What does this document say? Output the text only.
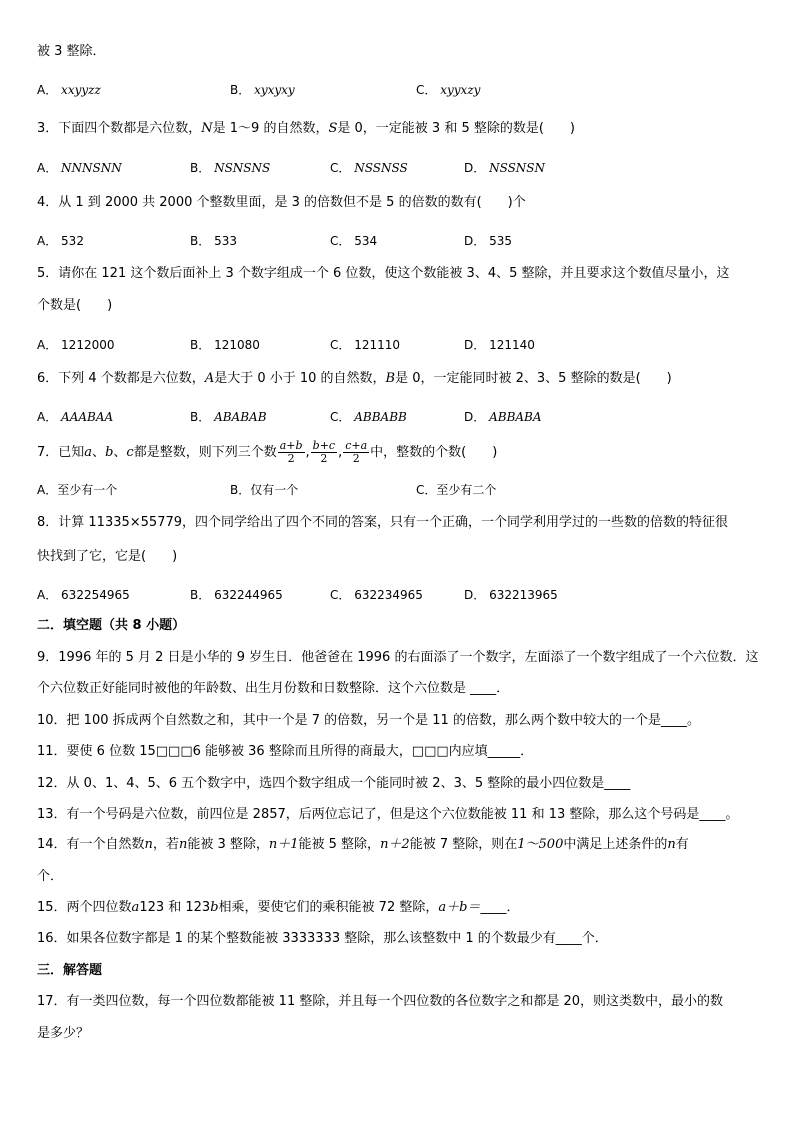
被 3 整除．
A． xxyyzz	B． xyxyxy	C． xyyxzy
3．下面四个数都是六位数，N是 1～9 的自然数，S是 0，一定能被 3 和 5 整除的数是(　　)
A． NNNSNN	B． NSNSNS	C． NSSNSS	D． NSSNSN
4．从 1 到 2000 共 2000 个整数里面，是 3 的倍数但不是 5 的倍数的数有(　　)个
A． 532	B． 533	C． 534	D． 535
5．请你在 121 这个数后面补上 3 个数字组成一个 6 位数，使这个数能被 3、4、5 整除，并且要求这个数值尽量小，这
个数是(　　)
A． 1212000	B． 121080	C． 121110	D． 121140
6．下列 4 个数都是六位数，A是大于 0 小于 10 的自然数，B是 0，一定能同时被 2、3、5 整除的数是(　　)
A． AAABAA	B． ABABAB	C． ABBABB	D． ABBABA
7．已知a、b、c都是整数，则下列三个数 $\frac{a+b}{2}$ , $\frac{b+c}{2}$ , $\frac{c+a}{2}$ 中，整数的个数(　　)
A．至少有一个	B．仅有一个	C．至少有二个
8．计算 11335×55779，四个同学给出了四个不同的答案，只有一个正确，一个同学利用学过的一些数的倍数的特征很
快找到了它，它是(　　)
A． 632254965	B． 632244965	C． 632234965	D． 632213965
二．填空题（共 8 小题）
9．1996 年的 5 月 2 日是小华的 9 岁生日．他爸爸在 1996 的右面添了一个数字，左面添了一个数字组成了一个六位数．这
个六位数正好能同时被他的年龄数、出生月份数和日数整除．这个六位数是 ____．
10．把 100 拆成两个自然数之和，其中一个是 7 的倍数，另一个是 11 的倍数，那么两个数中较大的一个是____。
11．要使 6 位数 15□□□6 能够被 36 整除而且所得的商最大，□□□内应填_____．
12．从 0、1、4、5、6 五个数字中，选四个数字组成一个能同时被 2、3、5 整除的最小四位数是____
13．有一个号码是六位数，前四位是 2857，后两位忘记了，但是这个六位数能被 11 和 13 整除，那么这个号码是____。
14．有一个自然数n，若n能被 3 整除，n＋1能被 5 整除，n＋2能被 7 整除，则在1～500中满足上述条件的n有
个．
15．两个四位数a123 和 123b相乘，要使它们的乘积能被 72 整除，a＋b＝____．
16．如果各位数字都是 1 的某个整数能被 3333333 整除，那么该整数中 1 的个数最少有____个．
三．解答题
17．有一类四位数，每一个四位数都能被 11 整除，并且每一个四位数的各位数字之和都是 20，则这类数中，最小的数
是多少？
